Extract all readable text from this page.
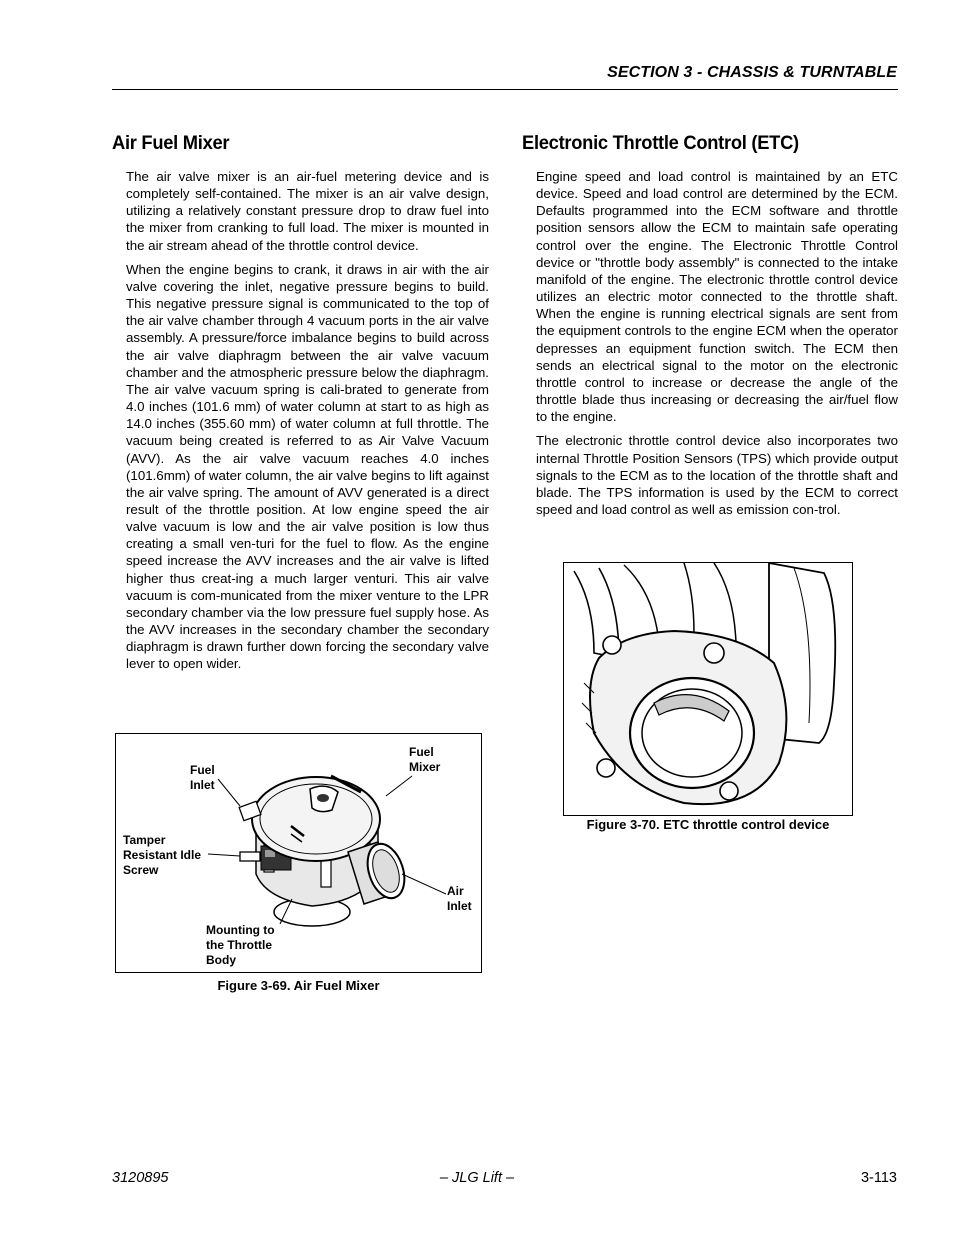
SECTION 3 - CHASSIS & TURNTABLE
Air Fuel Mixer

The air valve mixer is an air-fuel metering device and is completely self-contained. The mixer is an air valve design, utilizing a relatively constant pressure drop to draw fuel into the mixer from cranking to full load. The mixer is mounted in the air stream ahead of the throttle control device.

When the engine begins to crank, it draws in air with the air valve covering the inlet, negative pressure begins to build. This negative pressure signal is communicated to the top of the air valve chamber through 4 vacuum ports in the air valve assembly. A pressure/force imbalance begins to build across the air valve diaphragm between the air valve vacuum chamber and the atmospheric pressure below the diaphragm. The air valve vacuum spring is cali-brated to generate from 4.0 inches (101.6 mm) of water column at start to as high as 14.0 inches (355.60 mm) of water column at full throttle. The vacuum being created is referred to as Air Valve Vacuum (AVV). As the air valve vacuum reaches 4.0 inches (101.6mm) of water column, the air valve begins to lift against the air valve spring. The amount of AVV generated is a direct result of the throttle position. At low engine speed the air valve vacuum is low and the air valve position is low thus creating a small ven-turi for the fuel to flow. As the engine speed increase the AVV increases and the air valve is lifted higher thus creat-ing a much larger venturi. This air valve vacuum is com-municated from the mixer venture to the LPR secondary chamber via the low pressure fuel supply hose. As the AVV increases in the secondary chamber the secondary diaphragm is drawn further down forcing the secondary valve lever to open wider.

Fuel
Inlet
Fuel
Mixer
Tamper
Resistant Idle
Screw
Air
Inlet
Mounting to
the Throttle
Body
Figure 3-69. Air Fuel Mixer
Electronic Throttle Control (ETC)

Engine speed and load control is maintained by an ETC device. Speed and load control are determined by the ECM. Defaults programmed into the ECM software and throttle position sensors allow the ECM to maintain safe operating control over the engine. The Electronic Throttle Control device or "throttle body assembly" is connected to the intake manifold of the engine. The electronic throttle control device utilizes an electric motor connected to the throttle shaft. When the engine is running electrical signals are sent from the equipment controls to the engine ECM when the operator depresses an equipment function switch. The ECM then sends an electrical signal to the motor on the electronic throttle control to increase or decrease the angle of the throttle blade thus increasing or decreasing the air/fuel flow to the engine.

The electronic throttle control device also incorporates two internal Throttle Position Sensors (TPS) which provide output signals to the ECM as to the location of the throttle shaft and blade. The TPS information is used by the ECM to correct speed and load control as well as emission con-trol.

Figure 3-70. ETC throttle control device
3120895	– JLG Lift –	3-113
